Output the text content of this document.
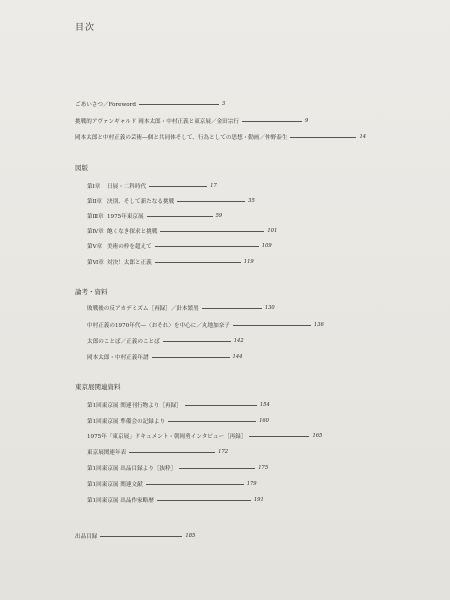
目次
ごあいさつ／Foreword	3
挑戦的アヴァンギャルド 岡本太郎・中村正義と東京展／金田宗行	9
岡本太郎と中村正義の芸術―個と共同体そして、行為としての思想・動画／仲野泰生	14
図版
第Ⅰ章	日展・二科時代	17
第Ⅱ章 決別、そして新たなる挑戦	35
第Ⅲ章 1975年東京展	59
第Ⅳ章 飽くなき探求と挑戦	101
第Ⅴ章 美術の枠を超えて	109
第Ⅵ章 対決！太郎と正義	119
論考・資料
敗戦後の反アカデミズム［再録］／針本繁男	130
中村正義の1970年代―〈おそれ〉を中心に／丸地加奈子	136
太郎のことば／正義のことば	142
岡本太郎・中村正義年譜	144
東京展関連資料
第1回東京展 関連刊行物より［再録］	154
第1回東京展 準備会の記録より	160
1975年「東京展」ドキュメント・朝岡勇インタビュー［再録］	165
東京展関連年表	172
第1回東京展 出品目録より［抜粋］	175
第1回東京展 関連文献	179
第1回東京展 出品作家略歴	191
出品目録	185
